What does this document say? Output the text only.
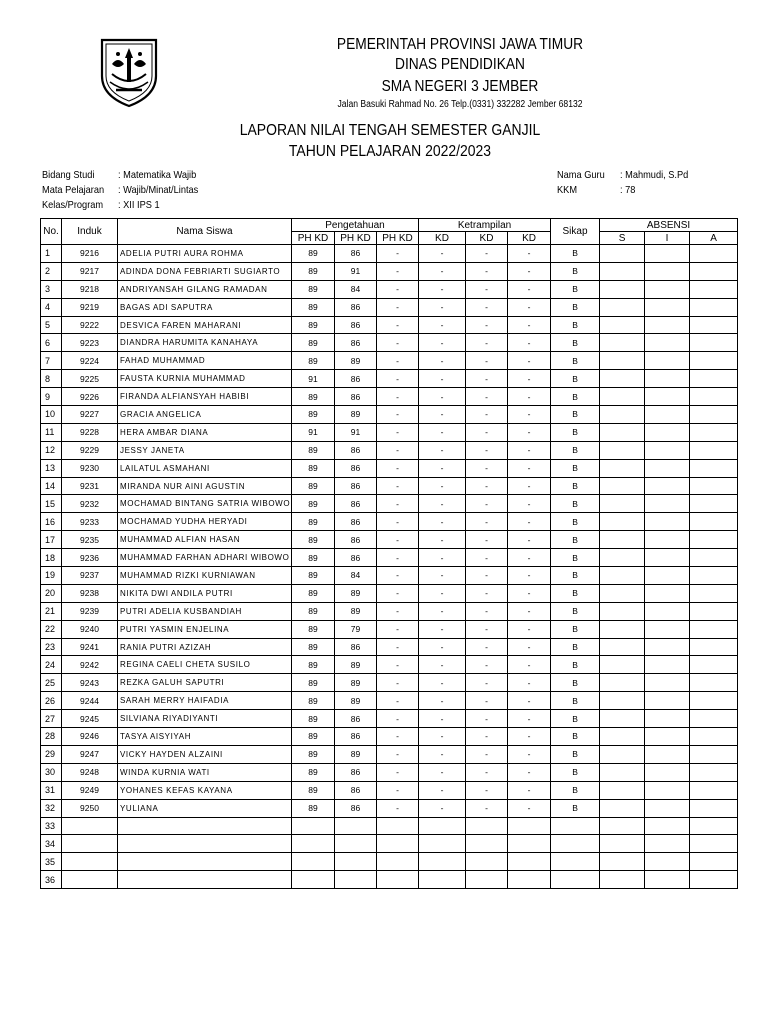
PEMERINTAH PROVINSI JAWA TIMUR
DINAS PENDIDIKAN
SMA NEGERI 3 JEMBER
Jalan Basuki Rahmad No. 26 Telp.(0331) 332282 Jember 68132
LAPORAN NILAI TENGAH SEMESTER GANJIL
TAHUN PELAJARAN 2022/2023
Bidang Studi : Matematika Wajib
Mata Pelajaran : Wajib/Minat/Lintas
Kelas/Program : XII IPS 1
Nama Guru : Mahmudi, S.Pd
KKM	: 78
No.	Induk	Nama Siswa	Pengetahuan			Ketrampilan			Sikap	ABSENSI		
			PH KD	PH KD	PH KD	KD	KD	KD		S	I	A
1	9216	ADELIA PUTRI AURA ROHMA	89	86	-	-	-	-	B			
2	9217	ADINDA DONA FEBRIARTI SUGIARTO	89	91	-	-	-	-	B			
3	9218	ANDRIYANSAH GILANG RAMADAN	89	84	-	-	-	-	B			
4	9219	BAGAS ADI SAPUTRA	89	86	-	-	-	-	B			
5	9222	DESVICA FAREN MAHARANI	89	86	-	-	-	-	B			
6	9223	DIANDRA HARUMITA KANAHAYA	89	86	-	-	-	-	B			
7	9224	FAHAD MUHAMMAD	89	89	-	-	-	-	B			
8	9225	FAUSTA KURNIA MUHAMMAD	91	86	-	-	-	-	B			
9	9226	FIRANDA ALFIANSYAH HABIBI	89	86	-	-	-	-	B			
10	9227	GRACIA ANGELICA	89	89	-	-	-	-	B			
11	9228	HERA AMBAR DIANA	91	91	-	-	-	-	B			
12	9229	JESSY JANETA	89	86	-	-	-	-	B			
13	9230	LAILATUL ASMAHANI	89	86	-	-	-	-	B			
14	9231	MIRANDA NUR AINI AGUSTIN	89	86	-	-	-	-	B			
15	9232	MOCHAMAD BINTANG SATRIA WIBOWO	89	86	-	-	-	-	B			
16	9233	MOCHAMAD YUDHA HERYADI	89	86	-	-	-	-	B			
17	9235	MUHAMMAD ALFIAN HASAN	89	86	-	-	-	-	B			
18	9236	MUHAMMAD FARHAN ADHARI WIBOWO	89	86	-	-	-	-	B			
19	9237	MUHAMMAD RIZKI KURNIAWAN	89	84	-	-	-	-	B			
20	9238	NIKITA DWI ANDILA PUTRI	89	89	-	-	-	-	B			
21	9239	PUTRI ADELIA KUSBANDIAH	89	89	-	-	-	-	B			
22	9240	PUTRI YASMIN ENJELINA	89	79	-	-	-	-	B			
23	9241	RANIA PUTRI AZIZAH	89	86	-	-	-	-	B			
24	9242	REGINA CAELI CHETA SUSILO	89	89	-	-	-	-	B			
25	9243	REZKA GALUH SAPUTRI	89	89	-	-	-	-	B			
26	9244	SARAH MERRY HAIFADIA	89	89	-	-	-	-	B			
27	9245	SILVIANA RIYADIYANTI	89	86	-	-	-	-	B			
28	9246	TASYA AISYIYAH	89	86	-	-	-	-	B			
29	9247	VICKY HAYDEN ALZAINI	89	89	-	-	-	-	B			
30	9248	WINDA KURNIA WATI	89	86	-	-	-	-	B			
31	9249	YOHANES KEFAS KAYANA	89	86	-	-	-	-	B			
32	9250	YULIANA	89	86	-	-	-	-	B			
33												
34												
35												
36												
